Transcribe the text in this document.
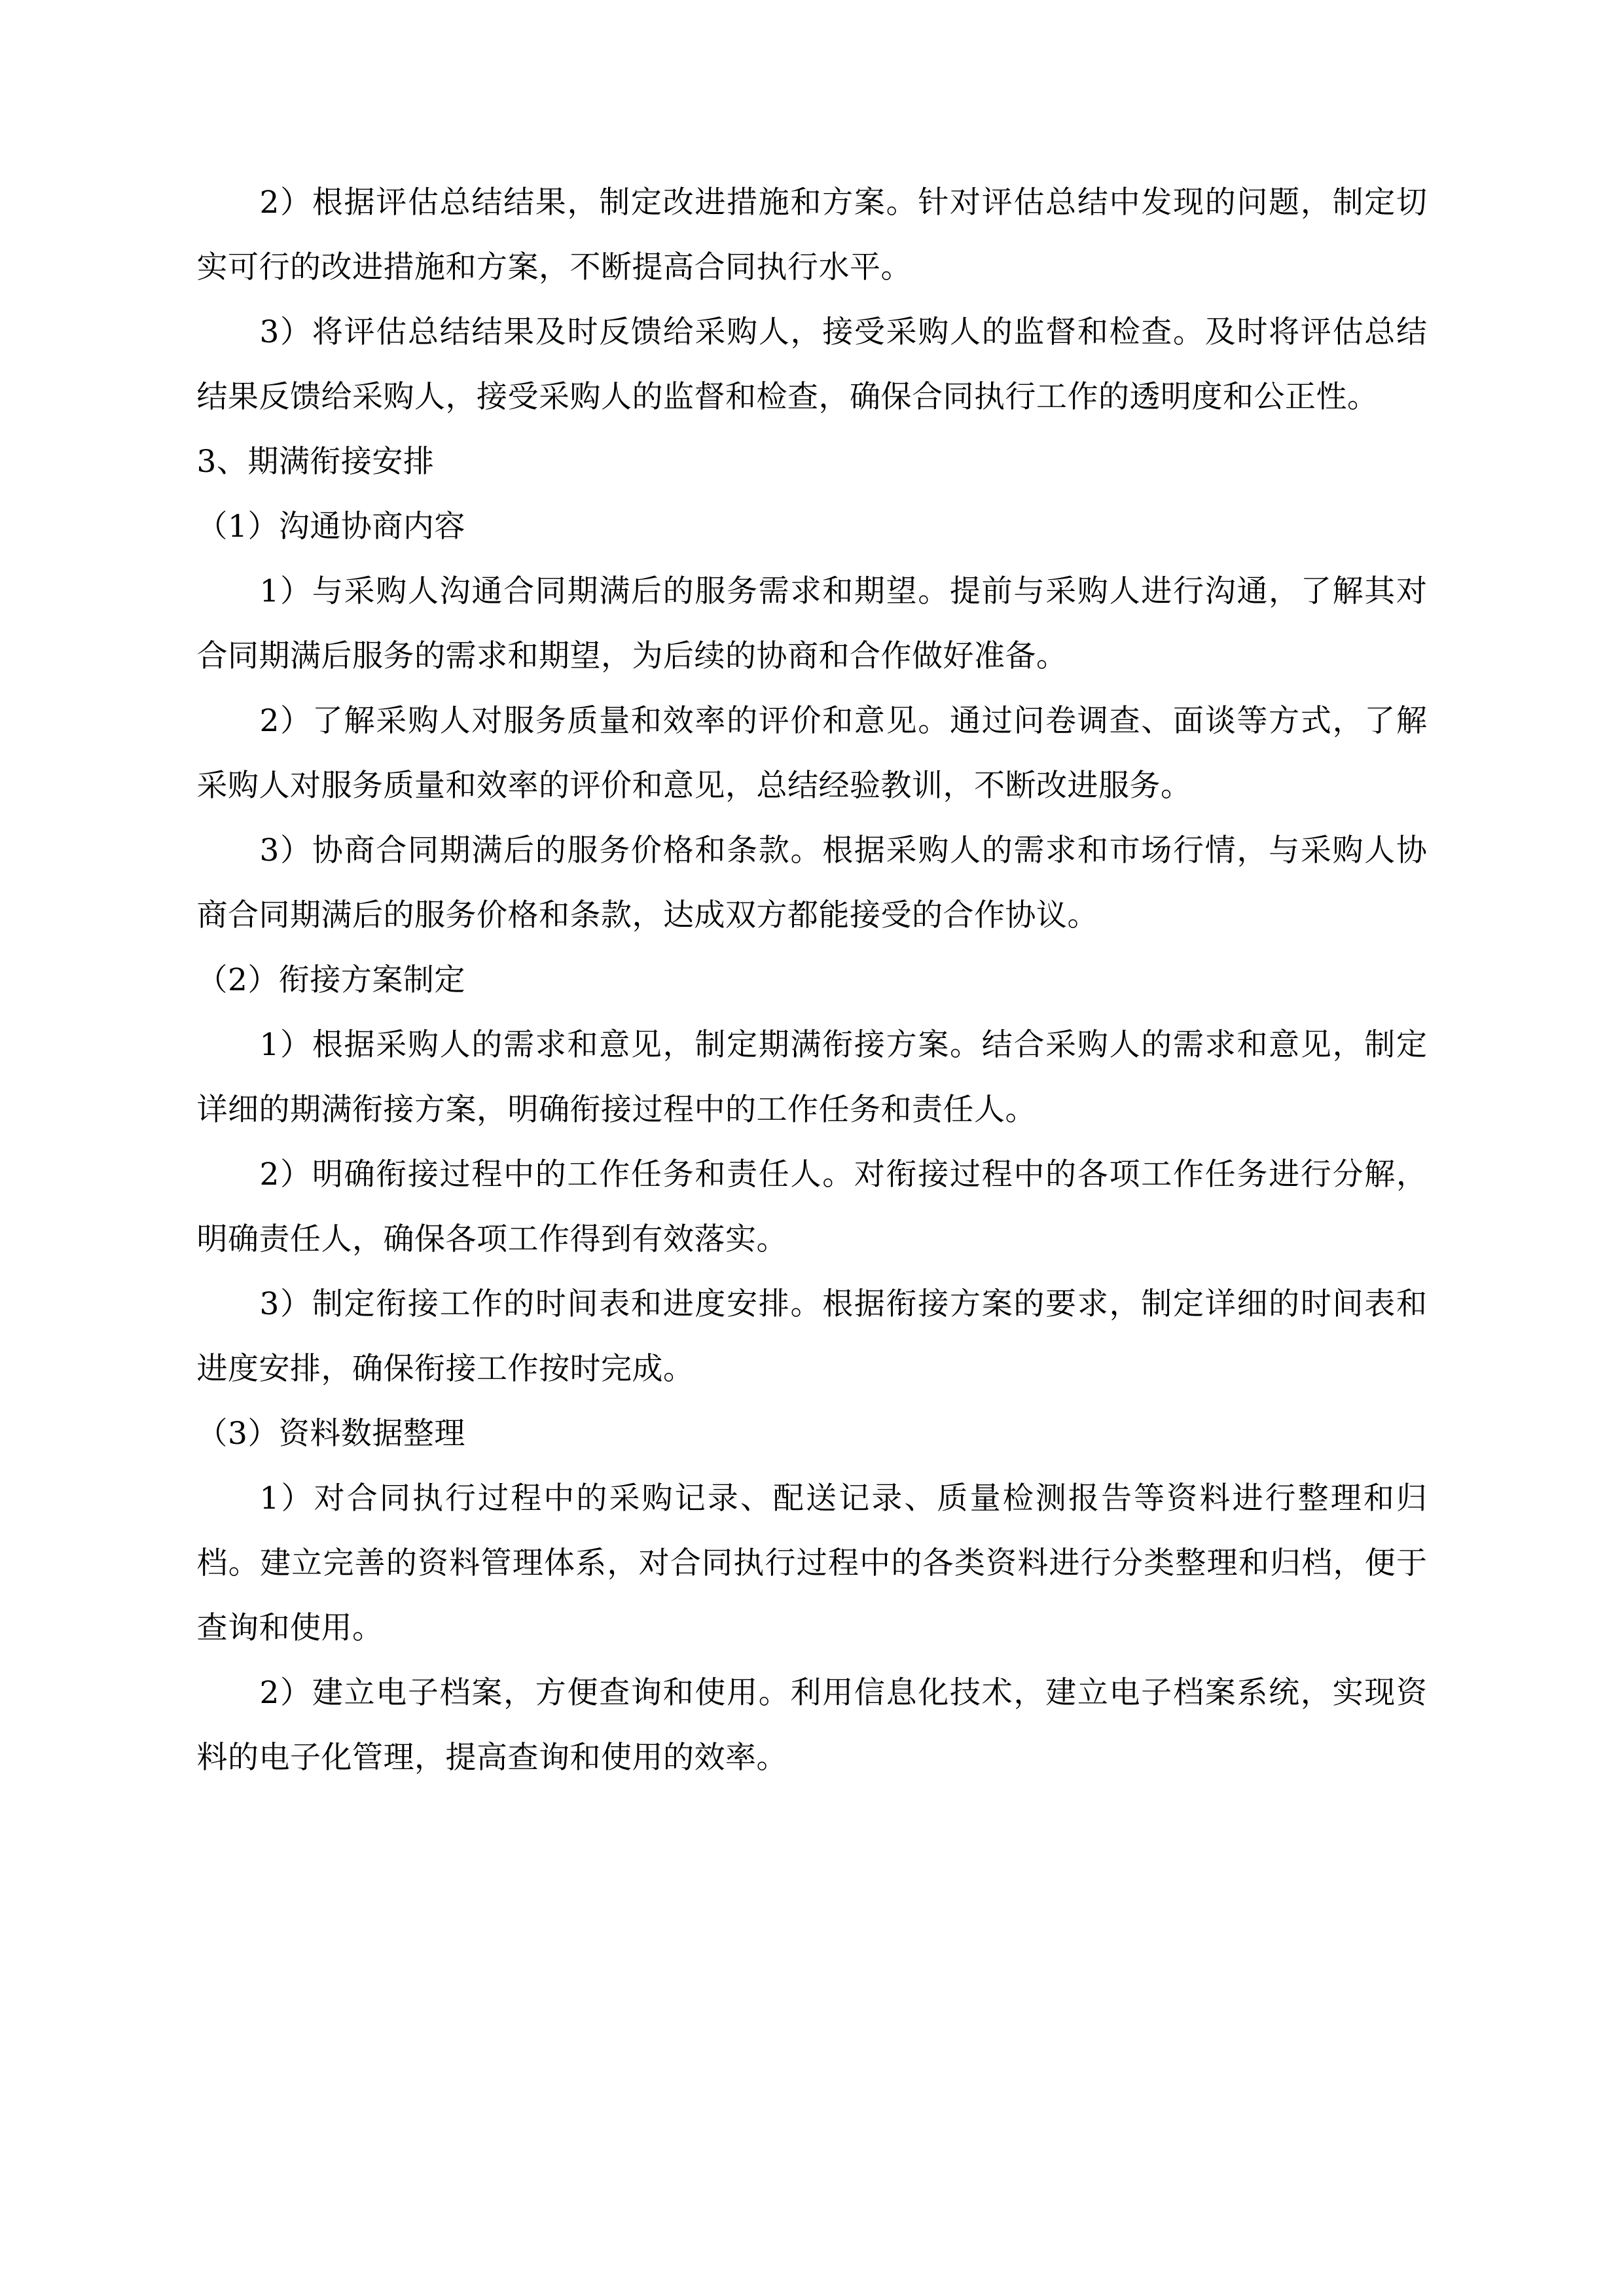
2）根据评估总结结果，制定改进措施和方案。针对评估总结中发现的问题，制定切实可行的改进措施和方案，不断提高合同执行水平。

3）将评估总结结果及时反馈给采购人，接受采购人的监督和检查。及时将评估总结结果反馈给采购人，接受采购人的监督和检查，确保合同执行工作的透明度和公正性。

3、期满衔接安排

（1）沟通协商内容

1）与采购人沟通合同期满后的服务需求和期望。提前与采购人进行沟通，了解其对合同期满后服务的需求和期望，为后续的协商和合作做好准备。

2）了解采购人对服务质量和效率的评价和意见。通过问卷调查、面谈等方式，了解采购人对服务质量和效率的评价和意见，总结经验教训，不断改进服务。

3）协商合同期满后的服务价格和条款。根据采购人的需求和市场行情，与采购人协商合同期满后的服务价格和条款，达成双方都能接受的合作协议。

（2）衔接方案制定

1）根据采购人的需求和意见，制定期满衔接方案。结合采购人的需求和意见，制定详细的期满衔接方案，明确衔接过程中的工作任务和责任人。

2）明确衔接过程中的工作任务和责任人。对衔接过程中的各项工作任务进行分解，明确责任人，确保各项工作得到有效落实。

3）制定衔接工作的时间表和进度安排。根据衔接方案的要求，制定详细的时间表和进度安排，确保衔接工作按时完成。

（3）资料数据整理

1）对合同执行过程中的采购记录、配送记录、质量检测报告等资料进行整理和归档。建立完善的资料管理体系，对合同执行过程中的各类资料进行分类整理和归档，便于查询和使用。

2）建立电子档案，方便查询和使用。利用信息化技术，建立电子档案系统，实现资料的电子化管理，提高查询和使用的效率。
